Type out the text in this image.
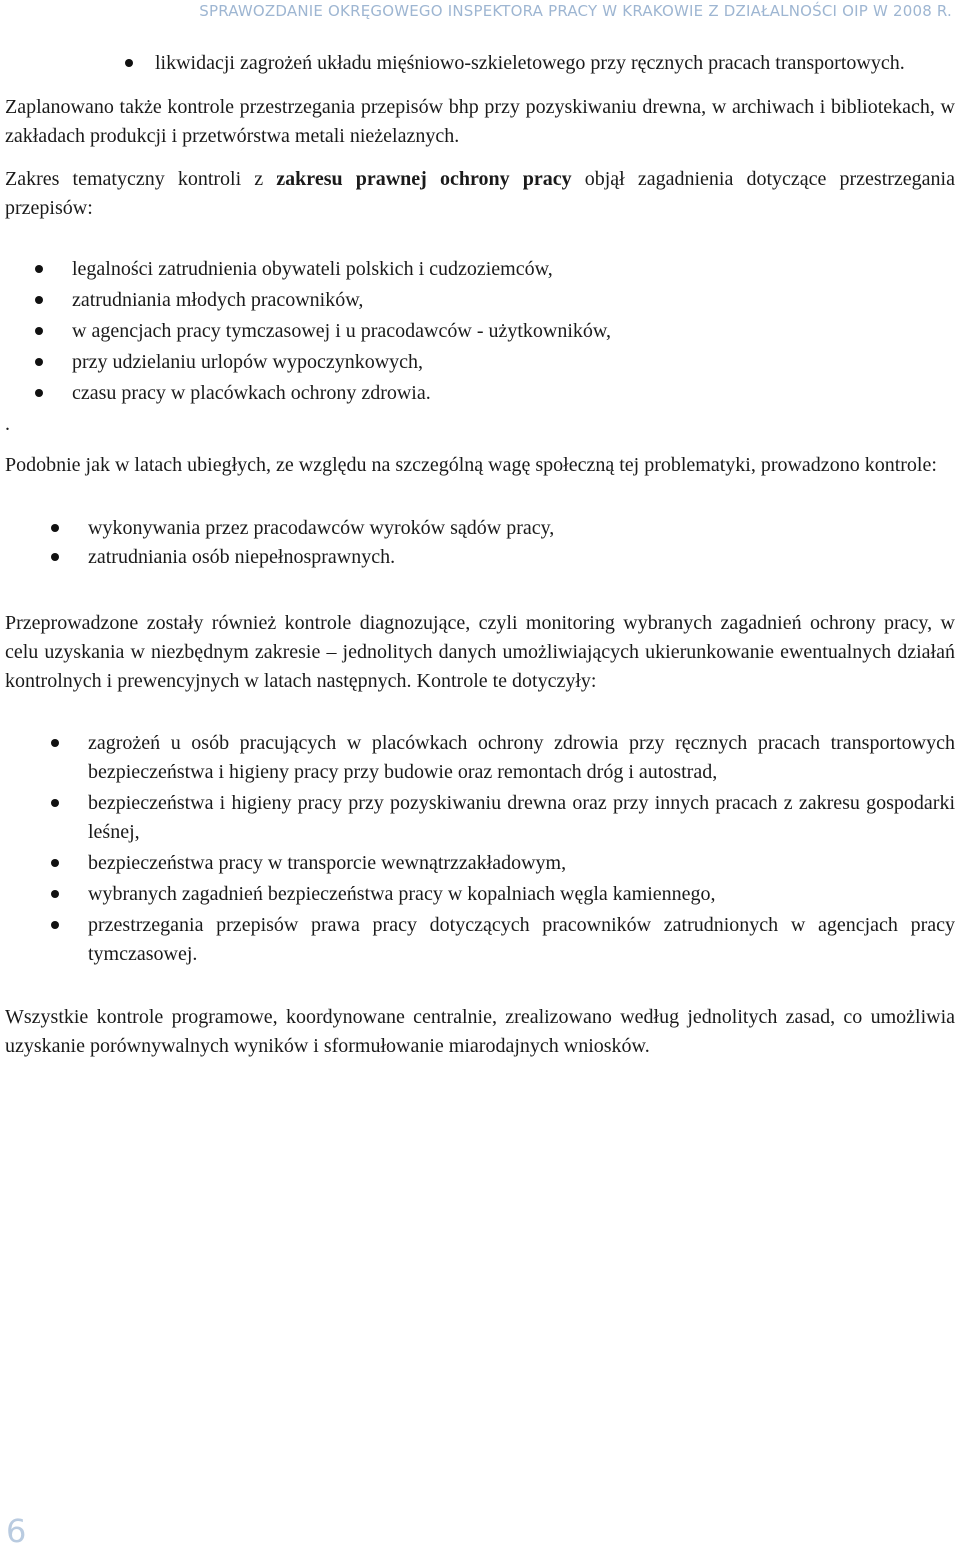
SPRAWOZDANIE OKRĘGOWEGO INSPEKTORA PRACY W KRAKOWIE Z DZIAŁALNOŚCI OIP W 2008 R.
likwidacji zagrożeń układu mięśniowo-szkieletowego przy ręcznych pracach transportowych.

Zaplanowano także kontrole przestrzegania przepisów bhp przy pozyskiwaniu drewna, w archiwach i bibliotekach, w zakładach produkcji i przetwórstwa metali nieżelaznych.

Zakres tematyczny kontroli z zakresu prawnej ochrony pracy objął zagadnienia dotyczące przestrzegania przepisów:

legalności zatrudnienia obywateli polskich i cudzoziemców,
zatrudniania młodych pracowników,
w agencjach pracy tymczasowej i u pracodawców - użytkowników,
przy udzielaniu urlopów wypoczynkowych,
czasu pracy w placówkach ochrony zdrowia.
.

Podobnie jak w latach ubiegłych, ze względu na szczególną wagę społeczną tej problematyki, prowadzono kontrole:

wykonywania przez pracodawców wyroków sądów pracy,
zatrudniania osób niepełnosprawnych.

Przeprowadzone zostały również kontrole diagnozujące, czyli monitoring wybranych zagadnień ochrony pracy, w celu uzyskania w niezbędnym zakresie – jednolitych danych umożliwiających ukierunkowanie ewentualnych działań kontrolnych i prewencyjnych w latach następnych. Kontrole te dotyczyły:

zagrożeń u osób pracujących w placówkach ochrony zdrowia przy ręcznych pracach transportowych bezpieczeństwa i higieny pracy przy budowie oraz remontach dróg i autostrad,
bezpieczeństwa i higieny pracy przy pozyskiwaniu drewna oraz przy innych pracach z zakresu gospodarki leśnej,
bezpieczeństwa pracy w transporcie wewnątrzzakładowym,
wybranych zagadnień bezpieczeństwa pracy w kopalniach węgla kamiennego,
przestrzegania przepisów prawa pracy dotyczących pracowników zatrudnionych w agencjach pracy tymczasowej.

Wszystkie kontrole programowe, koordynowane centralnie, zrealizowano według jednolitych zasad, co umożliwia uzyskanie porównywalnych wyników i sformułowanie miarodajnych wniosków.

6
